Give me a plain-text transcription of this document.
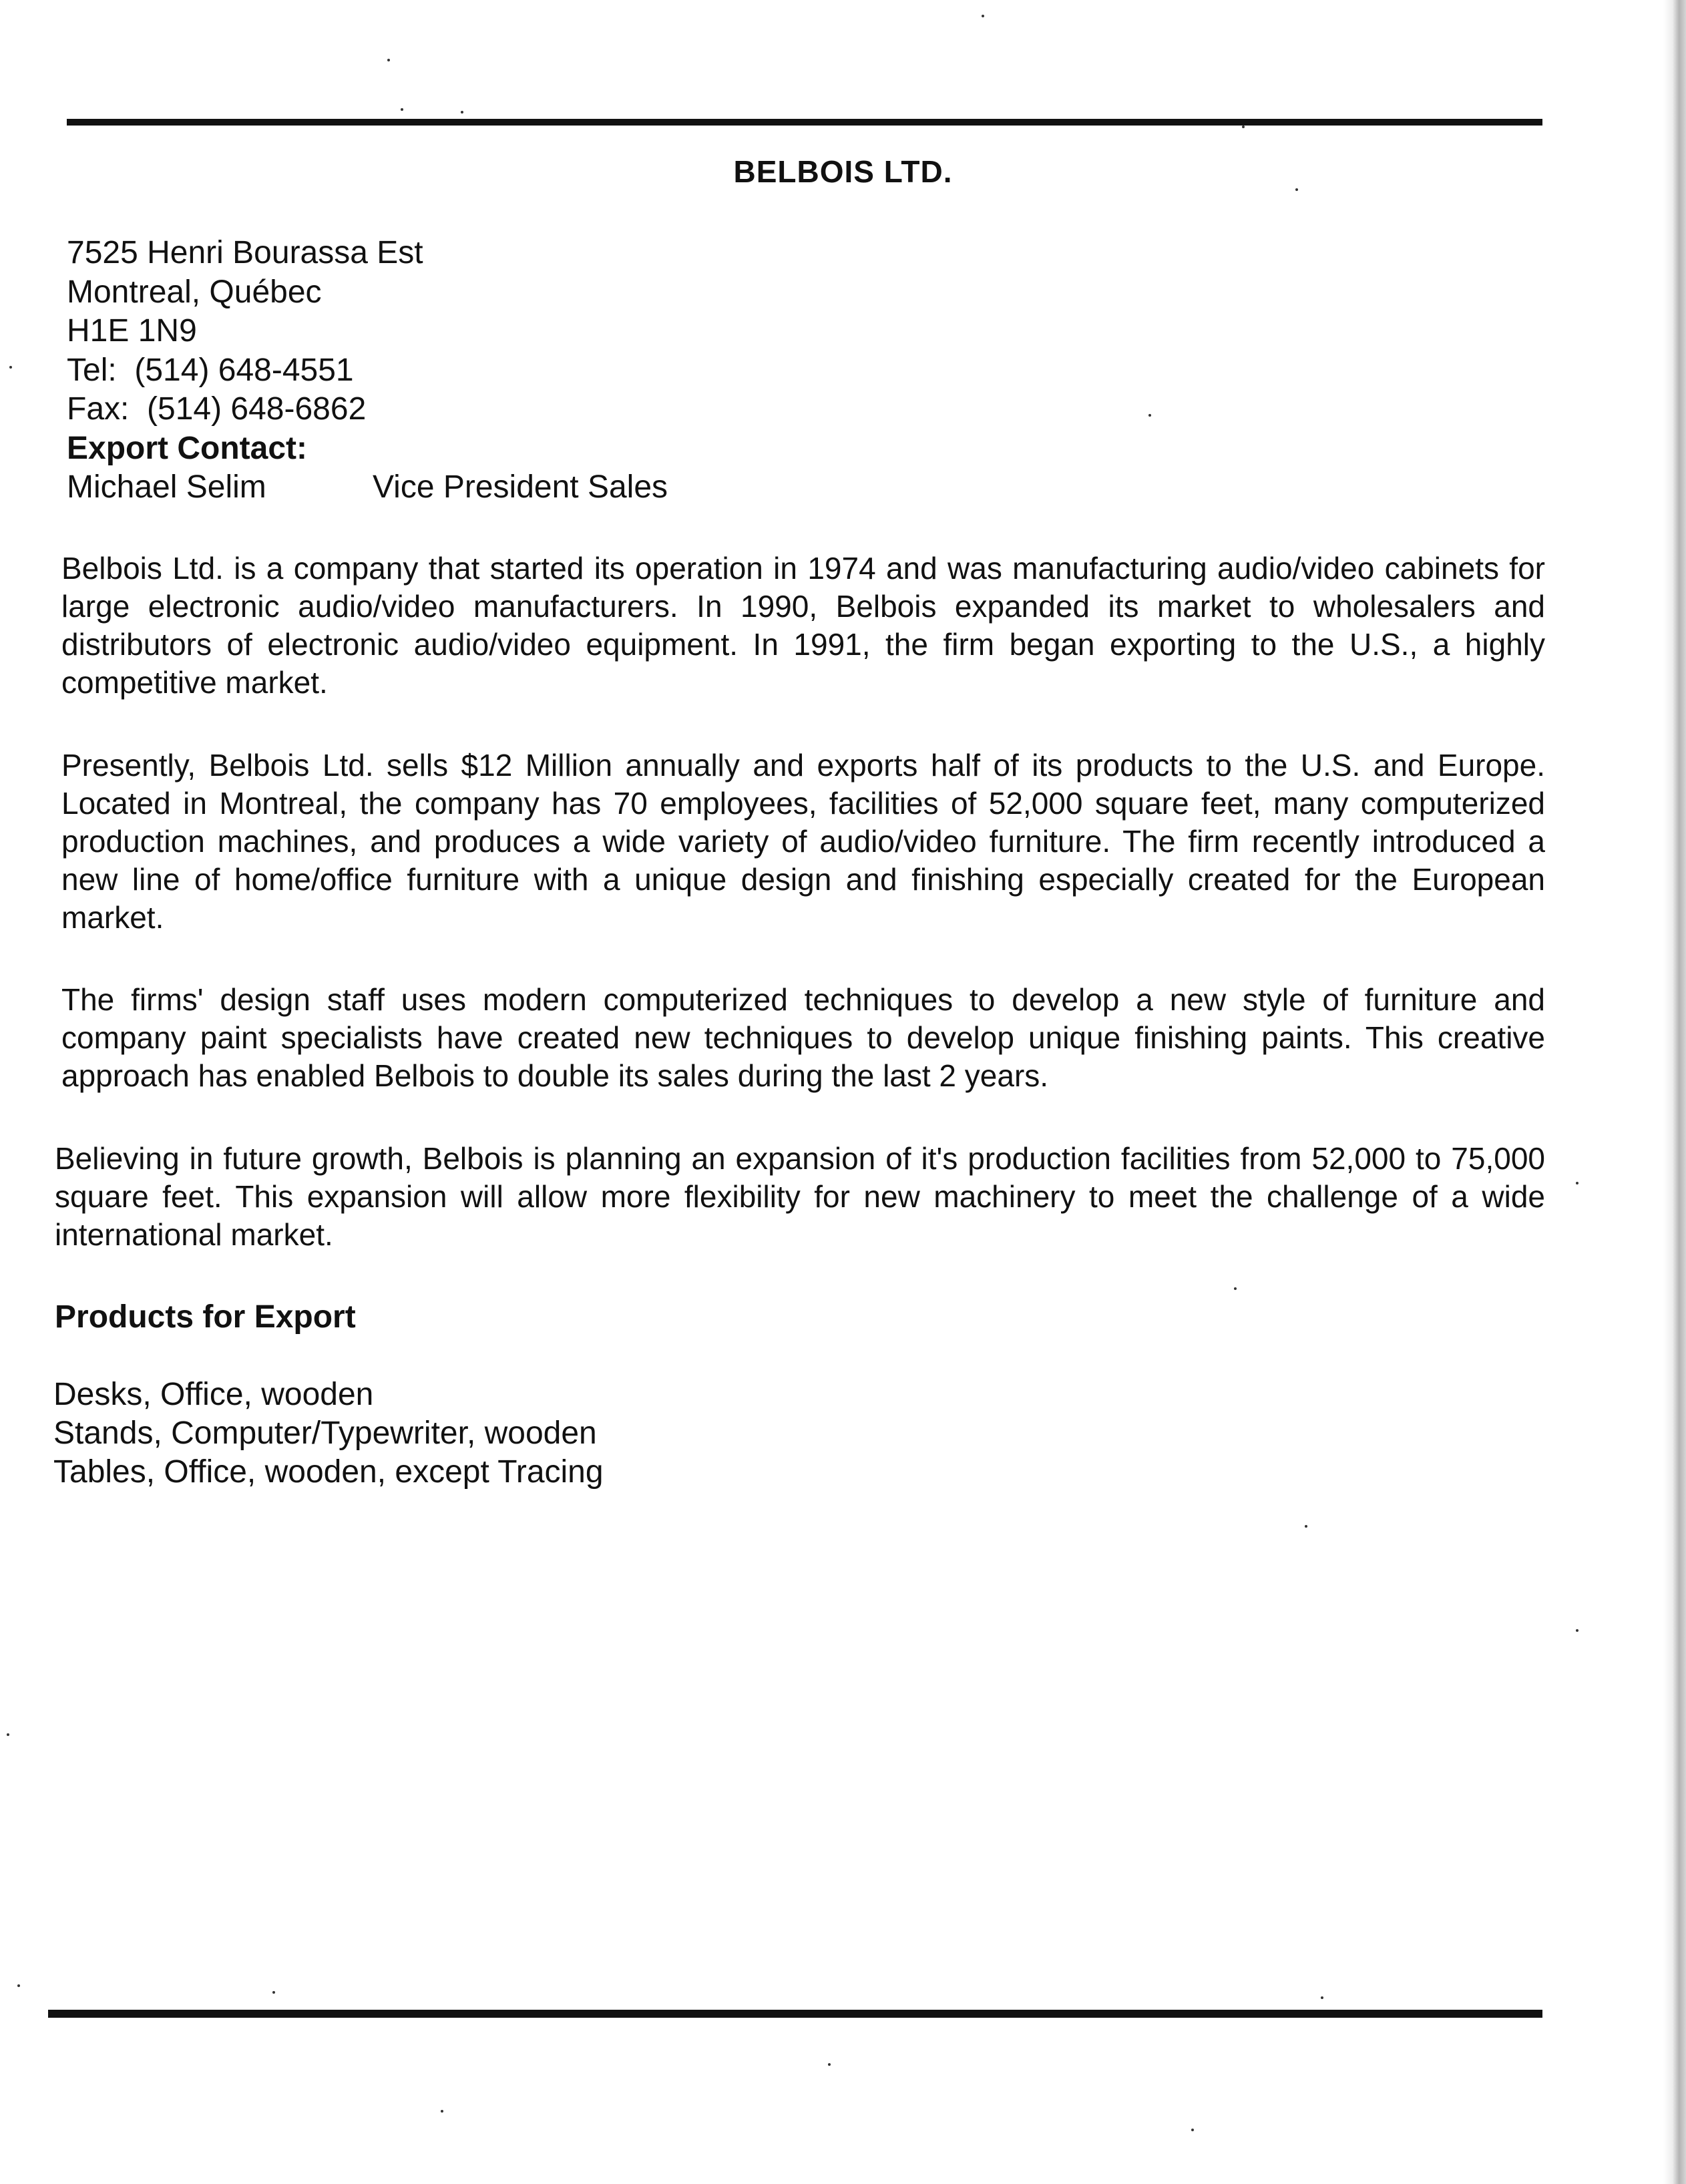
BELBOIS LTD.
7525 Henri Bourassa Est
Montreal, Québec
H1E 1N9
Tel:  (514) 648-4551
Fax:  (514) 648-6862
Export Contact:
Michael Selim	Vice President Sales
Belbois Ltd. is a company that started its operation in 1974 and was manufacturing audio/video cabinets for large electronic audio/video manufacturers. In 1990, Belbois expanded its market to wholesalers and distributors of electronic audio/video equipment. In 1991, the firm began exporting to the U.S., a highly competitive market.
Presently, Belbois Ltd. sells $12 Million annually and exports half of its products to the U.S. and Europe. Located in Montreal, the company has 70 employees, facilities of 52,000 square feet, many computerized production machines, and produces a wide variety of audio/video furniture. The firm recently introduced a new line of home/office furniture with a unique design and finishing especially created for the European market.
The firms' design staff uses modern computerized techniques to develop a new style of furniture and company paint specialists have created new techniques to develop unique finishing paints. This creative approach has enabled Belbois to double its sales during the last 2 years.
Believing in future growth, Belbois is planning an expansion of it's production facilities from 52,000 to 75,000 square feet. This expansion will allow more flexibility for new machinery to meet the challenge of a wide international market.
Products for Export
Desks, Office, wooden
Stands, Computer/Typewriter, wooden
Tables, Office, wooden, except Tracing
